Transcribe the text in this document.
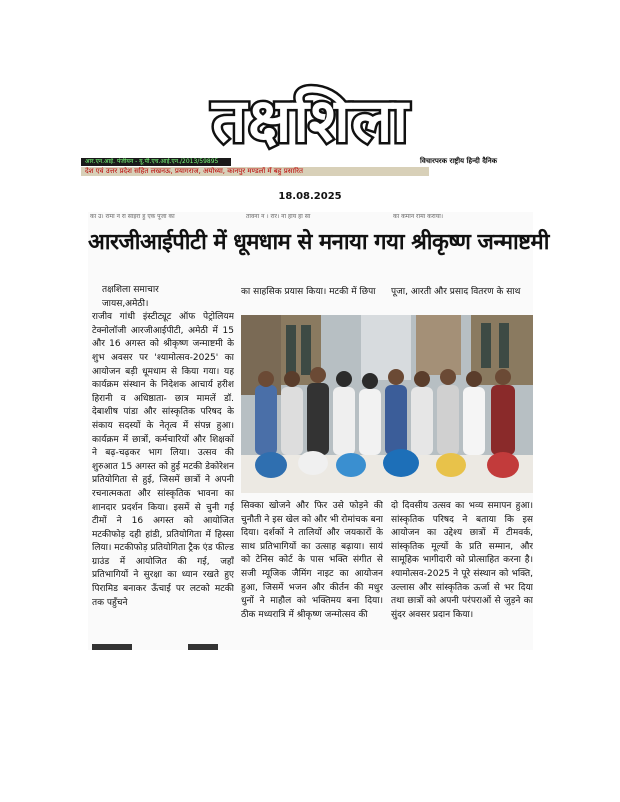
तक्षशिला
आर.एन.आई. पंजीयन - यू.पी.एच.आई.एन./2013/59895	विचारपरक राष्ट्रीय हिन्दी दैनिक
देश एवं उत्तर प्रदेश सहित लखनऊ, प्रयागराज, अयोध्या, कानपुर मण्डलों में बहु प्रसारित
18.08.2025
का उ। रामा न रा साइरा हु एक पूजा का	तावना न । रार। ना हाय हा सा	का कमान रामा कराया।
आरजीआईपीटी में धूमधाम से मनाया गया श्रीकृष्ण जन्माष्टमी
तक्षशिला समाचार
जायस,अमेठी।
राजीव गांधी इंस्टीट्यूट ऑफ पेट्रोलियम टेक्नोलॉजी आरजीआईपीटी, अमेठी में 15 और 16 अगस्त को श्रीकृष्ण जन्माष्टमी के शुभ अवसर पर 'श्यामोत्सव-2025' का आयोजन बड़ी धूमधाम से किया गया। यह कार्यक्रम संस्थान के निदेशक आचार्य हरीश हिरानी व अधिष्ठाता- छात्र मामलें डॉ. देबाशीष पांडा और सांस्कृतिक परिषद के संकाय सदस्यों के नेतृत्व में संपन्न हुआ। कार्यक्रम में छात्रों, कर्मचारियों और शिक्षकों ने बढ़-चढ़कर भाग लिया। उत्सव की शुरुआत 15 अगस्त को हुई मटकी डेकोरेशन प्रतियोगिता से हुई, जिसमें छात्रों ने अपनी रचनात्मकता और सांस्कृतिक भावना का शानदार प्रदर्शन किया। इसमें से चुनी गई टीमों ने 16 अगस्त को आयोजित मटकीफोड़ दही हांडी, प्रतियोगिता में हिस्सा लिया। मटकीफोड़ प्रतियोगिता ट्रैक एंड फील्ड ग्राउंड में आयोजित की गई, जहाँ प्रतिभागियों ने सुरक्षा का ध्यान रखते हुए पिरामिड बनाकर ऊँचाई पर लटको मटकी तक पहुँचने
का साहसिक प्रयास किया। मटकी में छिपा	पूजा, आरती और प्रसाद वितरण के साथ
सिक्का खोजने और फिर उसे फोड़ने की चुनौती ने इस खेल को और भी रोमांचक बना दिया। दर्शकों ने तालियों और जयकारों के साथ प्रतिभागियों का उत्साह बढ़ाया। सायं को टेनिस कोर्ट के पास भक्ति संगीत से सजी म्यूजिक जैमिंग नाइट का आयोजन हुआ, जिसमें भजन और कीर्तन की मधुर धुनों ने माहौल को भक्तिमय बना दिया। ठीक मध्यरात्रि में श्रीकृष्ण जन्मोत्सव की
दो दिवसीय उत्सव का भव्य समापन हुआ। सांस्कृतिक परिषद ने बताया कि इस आयोजन का उद्देश्य छात्रों में टीमवर्क, सांस्कृतिक मूल्यों के प्रति सम्मान, और सामूहिक भागीदारी को प्रोत्साहित करना है। श्यामोत्सव-2025 ने पूरे संस्थान को भक्ति, उल्लास और सांस्कृतिक ऊर्जा से भर दिया तथा छात्रों को अपनी परंपराओं से जुड़ने का सुंदर अवसर प्रदान किया।
